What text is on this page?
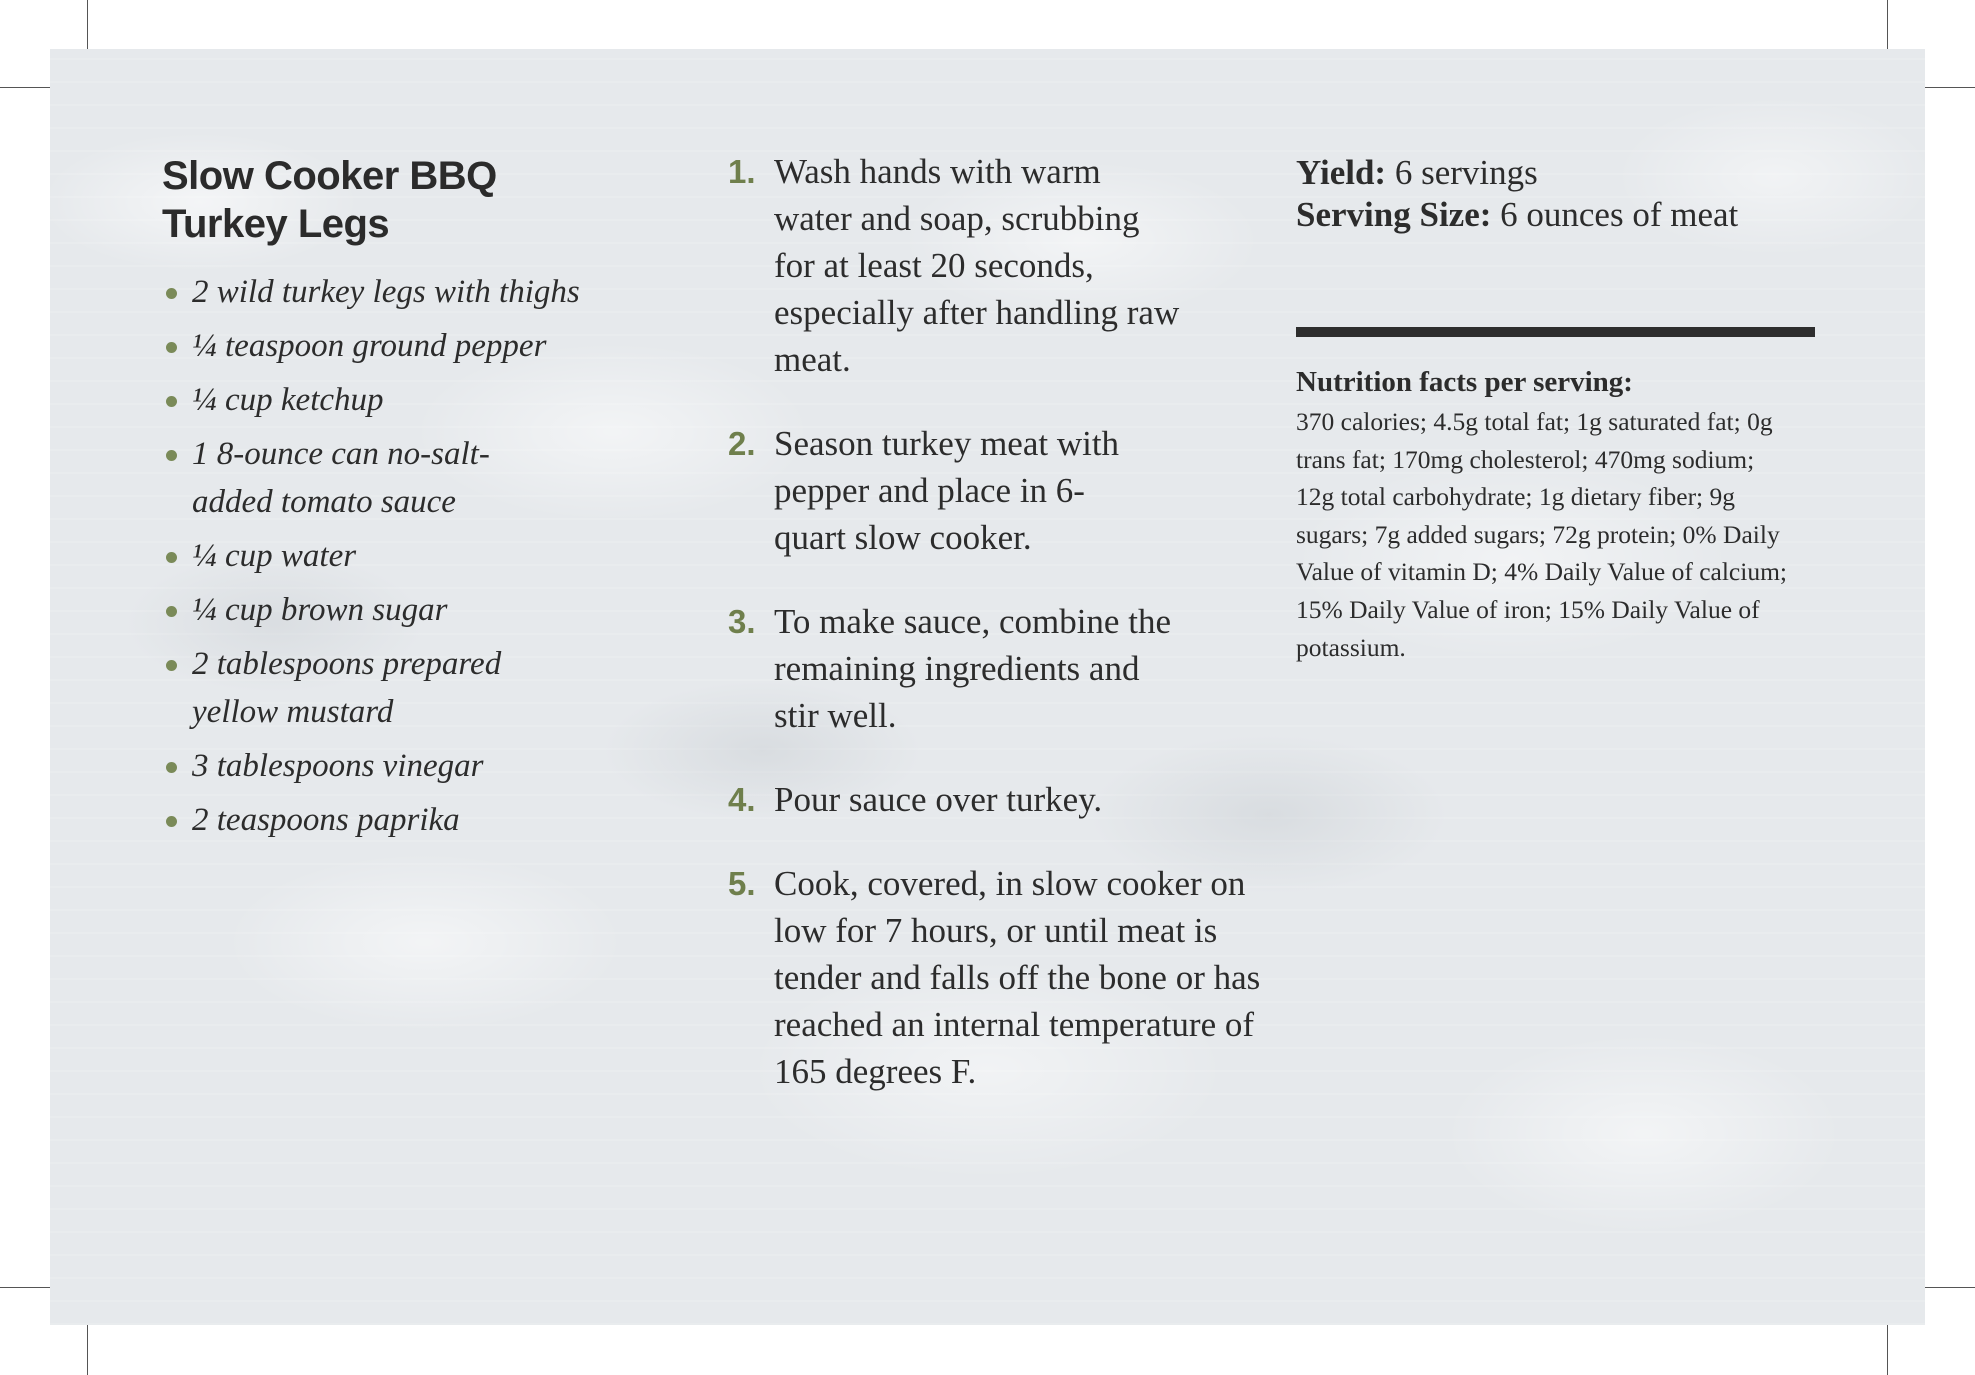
Slow Cooker BBQ
Turkey Legs
2 wild turkey legs with thighs
¼ teaspoon ground pepper
¼ cup ketchup
1 8-ounce can no-salt-added tomato sauce
¼ cup water
¼ cup brown sugar
2 tablespoons prepared yellow mustard
3 tablespoons vinegar
2 teaspoons paprika
1. Wash hands with warm water and soap, scrubbing for at least 20 seconds, especially after handling raw meat.
2. Season turkey meat with pepper and place in 6-quart slow cooker.
3. To make sauce, combine the remaining ingredients and stir well.
4. Pour sauce over turkey.
5. Cook, covered, in slow cooker on low for 7 hours, or until meat is tender and falls off the bone or has reached an internal temperature of 165 degrees F.
Yield: 6 servings
Serving Size: 6 ounces of meat
Nutrition facts per serving:
370 calories; 4.5g total fat; 1g saturated fat; 0g trans fat; 170mg cholesterol; 470mg sodium; 12g total carbohydrate; 1g dietary fiber; 9g sugars; 7g added sugars; 72g protein; 0% Daily Value of vitamin D; 4% Daily Value of calcium; 15% Daily Value of iron; 15% Daily Value of potassium.
